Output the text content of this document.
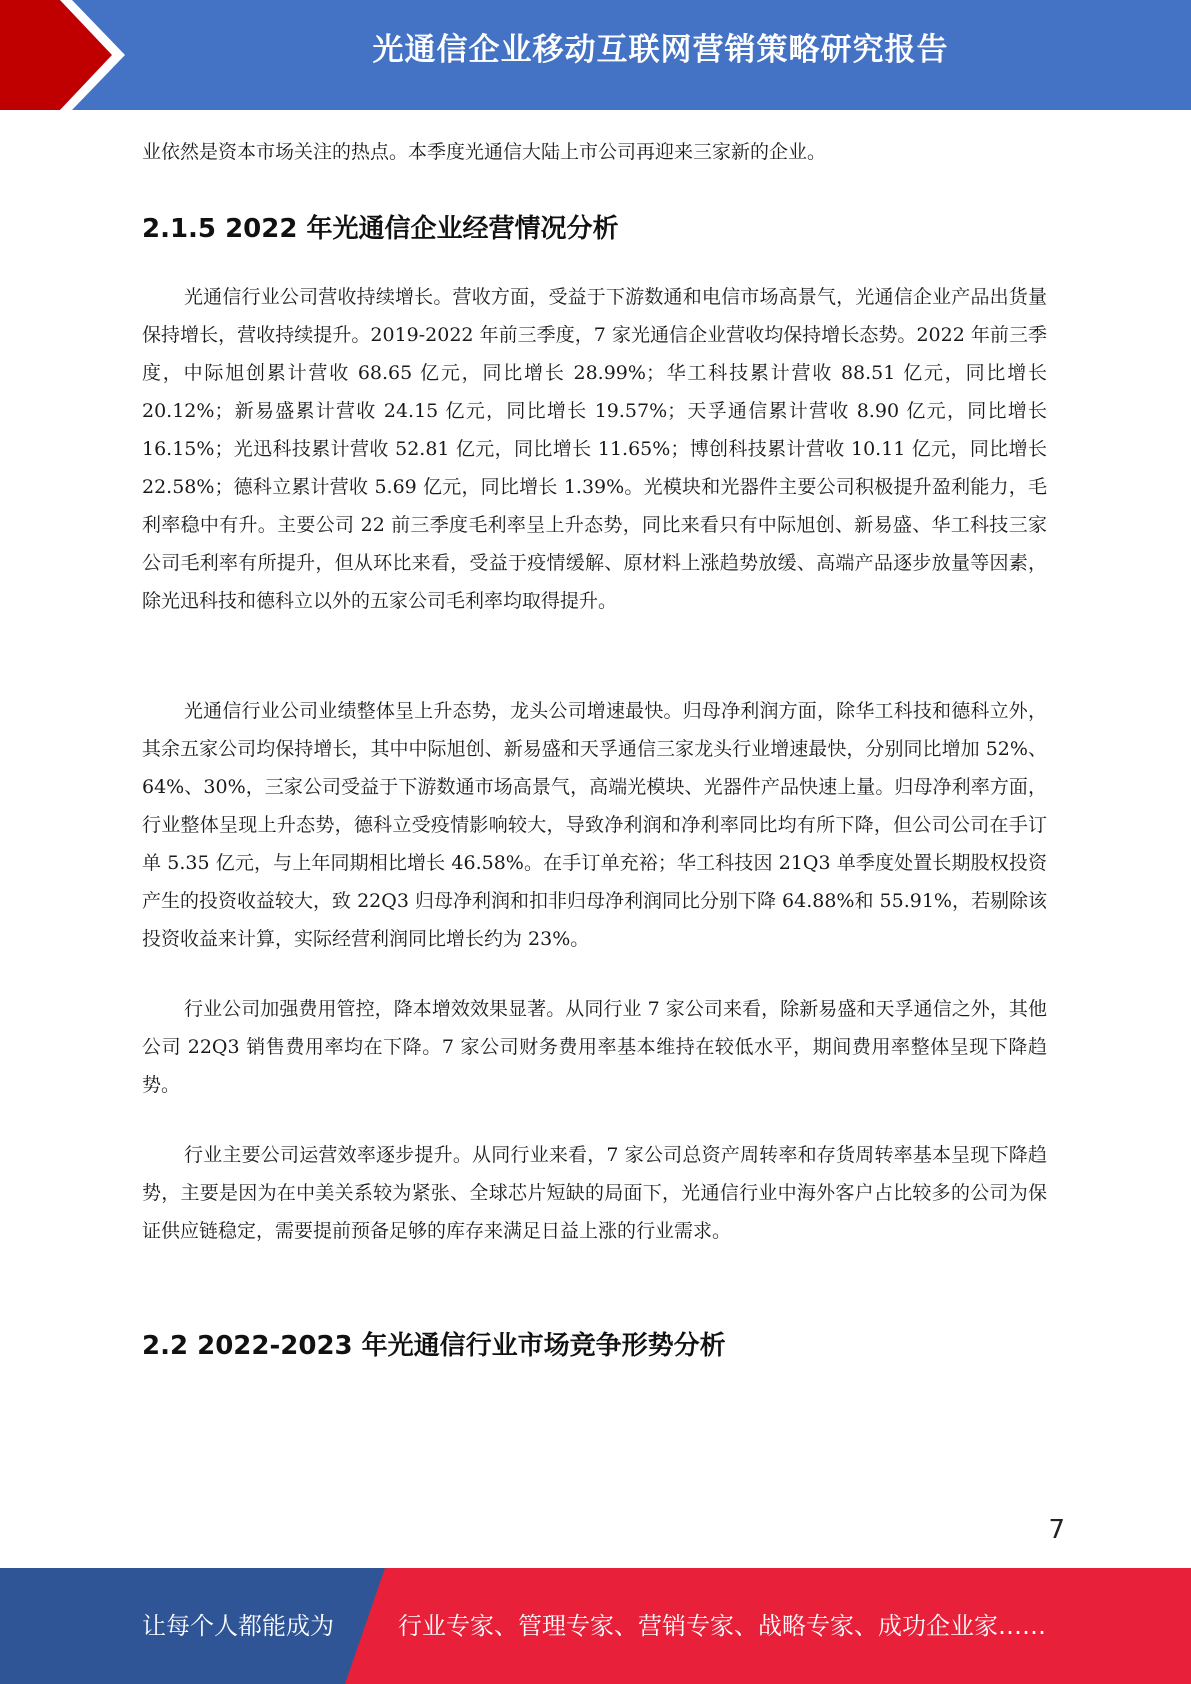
光通信企业移动互联网营销策略研究报告

业依然是资本市场关注的热点。本季度光通信大陆上市公司再迎来三家新的企业。

2.1.5 2022 年光通信企业经营情况分析

光通信行业公司营收持续增长。营收方面，受益于下游数通和电信市场高景气，光通信企业产品出货量保持增长，营收持续提升。2019-2022 年前三季度，7 家光通信企业营收均保持增长态势。2022 年前三季度，中际旭创累计营收 68.65 亿元，同比增长 28.99%；华工科技累计营收 88.51 亿元，同比增长 20.12%；新易盛累计营收 24.15 亿元，同比增长 19.57%；天孚通信累计营收 8.90 亿元，同比增长 16.15%；光迅科技累计营收 52.81 亿元，同比增长 11.65%；博创科技累计营收 10.11 亿元，同比增长 22.58%；德科立累计营收 5.69 亿元，同比增长 1.39%。光模块和光器件主要公司积极提升盈利能力，毛利率稳中有升。主要公司 22 前三季度毛利率呈上升态势，同比来看只有中际旭创、新易盛、华工科技三家公司毛利率有所提升，但从环比来看，受益于疫情缓解、原材料上涨趋势放缓、高端产品逐步放量等因素，除光迅科技和德科立以外的五家公司毛利率均取得提升。

光通信行业公司业绩整体呈上升态势，龙头公司增速最快。归母净利润方面，除华工科技和德科立外，其余五家公司均保持增长，其中中际旭创、新易盛和天孚通信三家龙头行业增速最快，分别同比增加 52%、64%、30%，三家公司受益于下游数通市场高景气，高端光模块、光器件产品快速上量。归母净利率方面，行业整体呈现上升态势，德科立受疫情影响较大，导致净利润和净利率同比均有所下降，但公司公司在手订单 5.35 亿元，与上年同期相比增长 46.58%。在手订单充裕；华工科技因 21Q3 单季度处置长期股权投资产生的投资收益较大，致 22Q3 归母净利润和扣非归母净利润同比分别下降 64.88%和 55.91%，若剔除该投资收益来计算，实际经营利润同比增长约为 23%。

行业公司加强费用管控，降本增效效果显著。从同行业 7 家公司来看，除新易盛和天孚通信之外，其他公司 22Q3 销售费用率均在下降。7 家公司财务费用率基本维持在较低水平，期间费用率整体呈现下降趋势。

行业主要公司运营效率逐步提升。从同行业来看，7 家公司总资产周转率和存货周转率基本呈现下降趋势，主要是因为在中美关系较为紧张、全球芯片短缺的局面下，光通信行业中海外客户占比较多的公司为保证供应链稳定，需要提前预备足够的库存来满足日益上涨的行业需求。

2.2 2022-2023 年光通信行业市场竞争形势分析
7
让每个人都能成为	行业专家、管理专家、营销专家、战略专家、成功企业家……
